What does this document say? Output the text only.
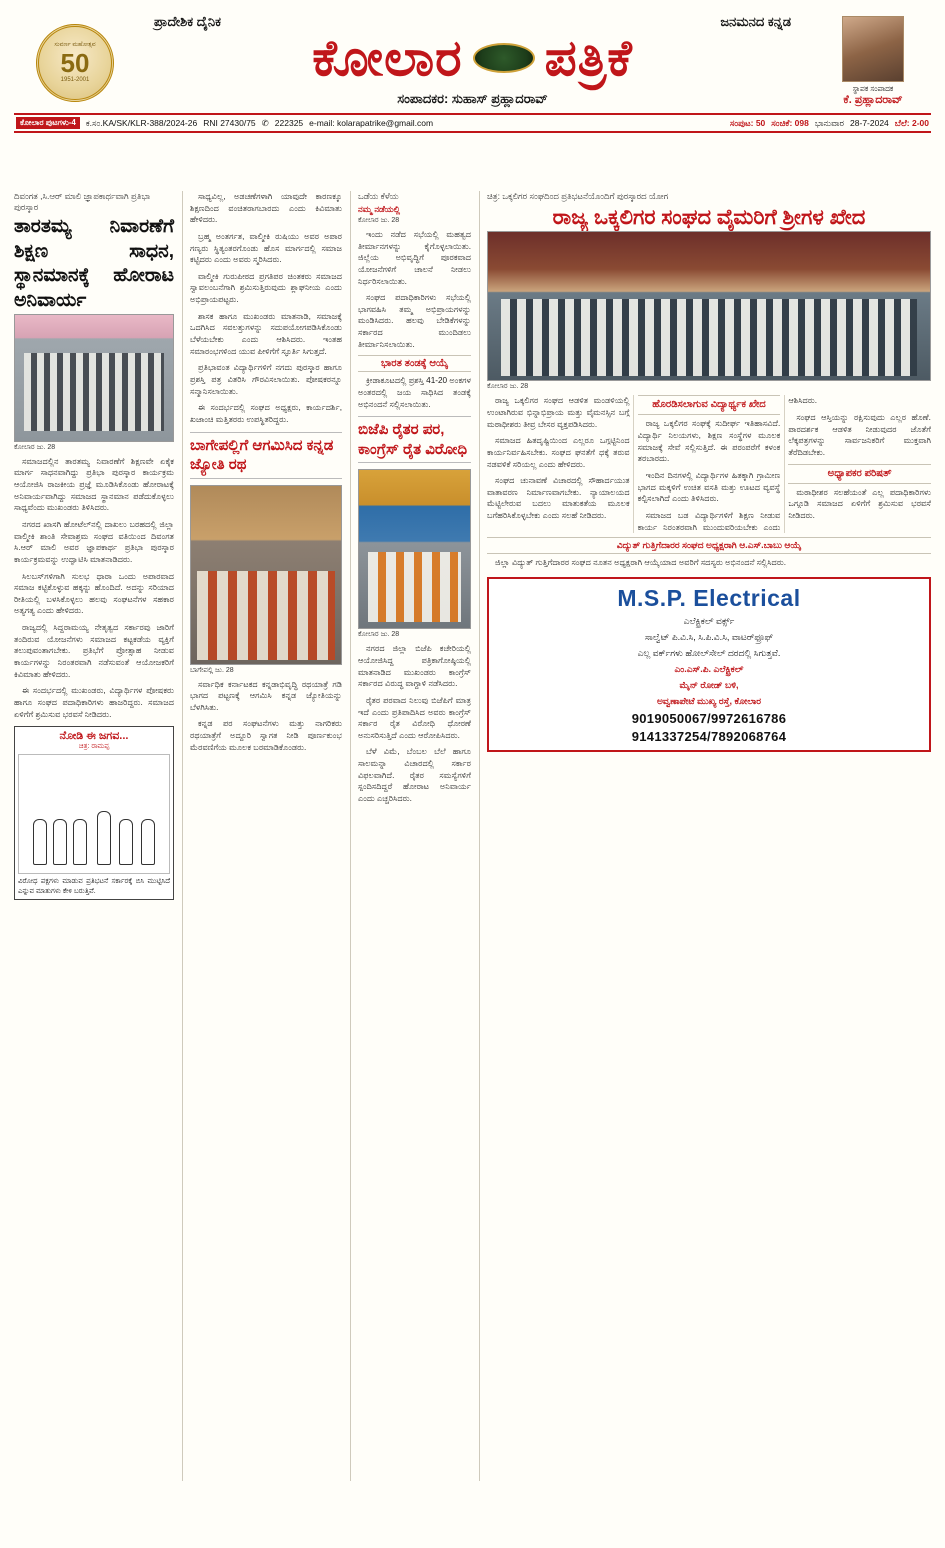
ಸುವರ್ಣ ಮಹೋತ್ಸವ
50
1951-2001
ಪ್ರಾದೇಶಿಕ ದೈನಿಕ	ಜನಮನದ ಕನ್ನಡ
ಕೋಲಾರ ಪತ್ರಿಕೆ
ಸಂಪಾದಕರ: ಸುಹಾಸ್ ಪ್ರಹ್ಲಾದರಾವ್
ಸ್ಥಾಪಕ ಸಂಪಾದಕ
ಕೆ. ಪ್ರಹ್ಲಾದರಾವ್
ಕೋಲಾರ ಪುಟಗಳು-4	ಕ.ಸಂ.KA/SK/KLR-388/2024-26 RNI 27430/75 ✆ 222325 e-mail: kolarapatrike@gmail.com	ಸಂಪುಟ: 50 ಸಂಚಿಕೆ: 098 ಭಾನುವಾರ 28-7-2024 ಬೆಲೆ: 2-00
ದಿವಂಗತ ,ಸಿ.ಆರ್ ಮಾಲಿ ಜ್ಞಾಪಕಾರ್ಥವಾಗಿ ಪ್ರತಿಭಾ ಪುರಸ್ಕಾರ
ತಾರತಮ್ಯ ನಿವಾರಣೆಗೆ ಶಿಕ್ಷಣ ಸಾಧನ, ಸ್ಥಾನಮಾನಕ್ಕೆ ಹೋರಾಟ ಅನಿವಾರ್ಯ
ಕೋಲಾರ ಜು. 28

ಸಮಾಜದಲ್ಲಿನ ತಾರತಮ್ಯ ನಿವಾರಣೆಗೆ ಶಿಕ್ಷಣವೇ ಏಕೈಕ ಮಾರ್ಗ ಸಾಧನವಾಗಿದ್ದು ಪ್ರತಿಭಾ ಪುರಸ್ಕಾರ ಕಾರ್ಯಕ್ರಮ ಆಯೋಜಿಸಿ ರಾಜಕೀಯ ಪ್ರಜ್ಞೆ ಮೂಡಿಸಿಕೊಂಡು ಹೋರಾಟಕ್ಕೆ ಅನಿವಾರ್ಯವಾಗಿದ್ದು ಸಮಾಜದ ಸ್ಥಾನಮಾನ ಪಡೆದುಕೊಳ್ಳಲು ಸಾಧ್ಯವೆಂದು ಮುಖಂಡರು ತಿಳಿಸಿದರು.

ನಗರದ ಖಾಸಗಿ ಹೋಟೆಲ್‌ನಲ್ಲಿ ದಾಖಲು ಬರಹದಲ್ಲಿ ಜಿಲ್ಲಾ ವಾಲ್ಮೀಕಿ ಶಾಂತಿ ಸೇವಾಶ್ರಮ ಸಂಘದ ವತಿಯಿಂದ ದಿವಂಗತ ಸಿ.ಆರ್ ಮಾಲಿ ಅವರ ಜ್ಞಾಪಕಾರ್ಥ ಪ್ರತಿಭಾ ಪುರಸ್ಕಾರ ಕಾರ್ಯಕ್ರಮವನ್ನು ಉದ್ಘಾಟಿಸಿ ಮಾತನಾಡಿದರು.

ಸಿಲಬಸ್‌ಗಳಿಗಾಗಿ ಸುಲಭ ಧಾರಾ ಒಂದು ಅಪಾರವಾದ ಸಮಾಜ ಕಟ್ಟಿಕೊಳ್ಳುವ ಹಕ್ಕನ್ನು ಹೊಂದಿದೆ. ಅದನ್ನು ಸರಿಯಾದ ರೀತಿಯಲ್ಲಿ ಬಳಸಿಕೊಳ್ಳಲು ಹಲವು ಸಂಘಟನೆಗಳ ಸಹಕಾರ ಅತ್ಯಗತ್ಯ ಎಂದು ಹೇಳಿದರು.

ರಾಜ್ಯದಲ್ಲಿ ಸಿದ್ದರಾಮಯ್ಯ ನೇತೃತ್ವದ ಸರ್ಕಾರವು ಜಾರಿಗೆ ತಂದಿರುವ ಯೋಜನೆಗಳು ಸಮಾಜದ ಕಟ್ಟಕಡೆಯ ವ್ಯಕ್ತಿಗೆ ತಲುಪುವಂತಾಗಬೇಕು. ಪ್ರತಿಭೆಗೆ ಪ್ರೋತ್ಸಾಹ ನೀಡುವ ಕಾರ್ಯಗಳನ್ನು ನಿರಂತರವಾಗಿ ನಡೆಸುವಂತೆ ಆಯೋಜಕರಿಗೆ ಕಿವಿಮಾತು ಹೇಳಿದರು.

ಈ ಸಂದರ್ಭದಲ್ಲಿ ಮುಖಂಡರು, ವಿದ್ಯಾರ್ಥಿಗಳ ಪೋಷಕರು ಹಾಗೂ ಸಂಘದ ಪದಾಧಿಕಾರಿಗಳು ಹಾಜರಿದ್ದರು. ಸಮಾಜದ ಏಳಿಗೆಗೆ ಶ್ರಮಿಸುವ ಭರವಸೆ ನೀಡಿದರು.

ನೋಡಿ ಈ ಜಗವ...
ಚಿತ್ರ: ರಾಮಪ್ಪ
ವಿರೋಧ ಪಕ್ಷಗಳು ಮಾಡುವ ಪ್ರತಿಭಟನೆ ಸರ್ಕಾರಕ್ಕೆ ಬಿಸಿ ಮುಟ್ಟಿಸಿದೆ ಎನ್ನುವ ಮಾತುಗಳು ಕೇಳಿ ಬರುತ್ತಿವೆ.

ಸಾಧ್ಯವಿಲ್ಲ, ಅಡಚಣೆಗಳಾಗಿ ಯಾವುದೇ ಕಾರಣಕ್ಕೂ ಶಿಕ್ಷಣದಿಂದ ವಂಚಿತರಾಗಬಾರದು ಎಂದು ಕಿವಿಮಾತು ಹೇಳಿದರು.

ಬ್ರಹ್ಮ ಅಂತರ್ಗತ, ವಾಲ್ಮೀಕಿ ರುಷಿಯು ಅವರ ಅಪಾರ ಗಣ್ಯರು ಸ್ಥಿತ್ಯಂತರಗೊಂಡು ಹೊಸ ಮಾರ್ಗದಲ್ಲಿ ಸಮಾಜ ಕಟ್ಟಿದರು ಎಂದು ಅವರು ಸ್ಮರಿಸಿದರು.

ವಾಲ್ಮೀಕಿ ಗುರುಪೀಠದ ಪ್ರಗತಿಪರ ಚಿಂತಕರು ಸಮಾಜದ ಸ್ವಾವಲಂಬನೆಗಾಗಿ ಶ್ರಮಿಸುತ್ತಿರುವುದು ಶ್ಲಾಘನೀಯ ಎಂದು ಅಭಿಪ್ರಾಯಪಟ್ಟರು.

ಶಾಸಕ ಹಾಗೂ ಮುಖಂಡರು ಮಾತನಾಡಿ, ಸಮಾಜಕ್ಕೆ ಒದಗಿಸಿದ ಸವಲತ್ತುಗಳನ್ನು ಸದುಪಯೋಗಪಡಿಸಿಕೊಂಡು ಬೆಳೆಯಬೇಕು ಎಂದು ಆಶಿಸಿದರು. ಇಂತಹ ಸಮಾರಂಭಗಳಿಂದ ಯುವ ಪೀಳಿಗೆಗೆ ಸ್ಫೂರ್ತಿ ಸಿಗುತ್ತದೆ.

ಪ್ರತಿಭಾವಂತ ವಿದ್ಯಾರ್ಥಿಗಳಿಗೆ ನಗದು ಪುರಸ್ಕಾರ ಹಾಗೂ ಪ್ರಶಸ್ತಿ ಪತ್ರ ವಿತರಿಸಿ ಗೌರವಿಸಲಾಯಿತು. ಪೋಷಕರನ್ನೂ ಸನ್ಮಾನಿಸಲಾಯಿತು.

ಈ ಸಂದರ್ಭದಲ್ಲಿ ಸಂಘದ ಅಧ್ಯಕ್ಷರು, ಕಾರ್ಯದರ್ಶಿ, ಖಜಾಂಚಿ ಮತ್ತಿತರರು ಉಪಸ್ಥಿತರಿದ್ದರು.

ಬಾಗೇಪಲ್ಲಿಗೆ ಆಗಮಿಸಿದ ಕನ್ನಡ ಜ್ಯೋತಿ ರಥ
ಬಾಗೇಪಲ್ಲಿ ಜು. 28

ಸರ್ವಾಧಿಕ ಕರ್ನಾಟಕದ ಕನ್ನಡಾಭಿವೃದ್ಧಿ ರಥಯಾತ್ರೆ ಗಡಿ ಭಾಗದ ಪಟ್ಟಣಕ್ಕೆ ಆಗಮಿಸಿ ಕನ್ನಡ ಜ್ಯೋತಿಯನ್ನು ಬೆಳಗಿಸಿತು.

ಕನ್ನಡ ಪರ ಸಂಘಟನೆಗಳು ಮತ್ತು ನಾಗರಿಕರು ರಥಯಾತ್ರೆಗೆ ಅದ್ದೂರಿ ಸ್ವಾಗತ ನೀಡಿ ಪೂರ್ಣಕುಂಭ ಮೆರವಣಿಗೆಯ ಮೂಲಕ ಬರಮಾಡಿಕೊಂಡರು.

ಒಡೆಯ ಕೆಳೆಯ
ನಮ್ಮ ನಡೆಯಲ್ಲಿ
ಕೋಲಾರ ಜು. 28

ಇಂದು ನಡೆದ ಸಭೆಯಲ್ಲಿ ಮಹತ್ವದ ತೀರ್ಮಾನಗಳನ್ನು ಕೈಗೊಳ್ಳಲಾಯಿತು. ಜಿಲ್ಲೆಯ ಅಭಿವೃದ್ಧಿಗೆ ಪೂರಕವಾದ ಯೋಜನೆಗಳಿಗೆ ಚಾಲನೆ ನೀಡಲು ನಿರ್ಧರಿಸಲಾಯಿತು.

ಸಂಘದ ಪದಾಧಿಕಾರಿಗಳು ಸಭೆಯಲ್ಲಿ ಭಾಗವಹಿಸಿ ತಮ್ಮ ಅಭಿಪ್ರಾಯಗಳನ್ನು ಮಂಡಿಸಿದರು. ಹಲವು ಬೇಡಿಕೆಗಳನ್ನು ಸರ್ಕಾರದ ಮುಂದಿಡಲು ತೀರ್ಮಾನಿಸಲಾಯಿತು.

ಭಾರತ ತಂಡಕ್ಕೆ ಆಯ್ಕೆ

ಕ್ರೀಡಾಕೂಟದಲ್ಲಿ ಪ್ರಶಸ್ತಿ 41-20 ಅಂಕಗಳ ಅಂತರದಲ್ಲಿ ಜಯ ಸಾಧಿಸಿದ ತಂಡಕ್ಕೆ ಅಭಿನಂದನೆ ಸಲ್ಲಿಸಲಾಯಿತು.

ಬಿಜೆಪಿ ರೈತರ ಪರ, ಕಾಂಗ್ರೆಸ್ ರೈತ ವಿರೋಧಿ
ಕೋಲಾರ ಜು. 28

ನಗರದ ಜಿಲ್ಲಾ ಬಿಜೆಪಿ ಕಚೇರಿಯಲ್ಲಿ ಆಯೋಜಿಸಿದ್ದ ಪತ್ರಿಕಾಗೋಷ್ಠಿಯಲ್ಲಿ ಮಾತನಾಡಿದ ಮುಖಂಡರು ಕಾಂಗ್ರೆಸ್ ಸರ್ಕಾರದ ವಿರುದ್ಧ ವಾಗ್ದಾಳಿ ನಡೆಸಿದರು.

ರೈತರ ಪರವಾದ ನಿಲುವು ಬಿಜೆಪಿಗೆ ಮಾತ್ರ ಇದೆ ಎಂದು ಪ್ರತಿಪಾದಿಸಿದ ಅವರು ಕಾಂಗ್ರೆಸ್ ಸರ್ಕಾರ ರೈತ ವಿರೋಧಿ ಧೋರಣೆ ಅನುಸರಿಸುತ್ತಿದೆ ಎಂದು ಆರೋಪಿಸಿದರು.

ಬೆಳೆ ವಿಮೆ, ಬೆಂಬಲ ಬೆಲೆ ಹಾಗೂ ಸಾಲಮನ್ನಾ ವಿಚಾರದಲ್ಲಿ ಸರ್ಕಾರ ವಿಫಲವಾಗಿದೆ. ರೈತರ ಸಮಸ್ಯೆಗಳಿಗೆ ಸ್ಪಂದಿಸದಿದ್ದರೆ ಹೋರಾಟ ಅನಿವಾರ್ಯ ಎಂದು ಎಚ್ಚರಿಸಿದರು.

ಚಿತ್ರ: ಒಕ್ಕಲಿಗರ ಸಂಘದಿಂದ ಪ್ರತಿಭಟನೆಯೊಂದಿಗೆ ಪುರಸ್ಕಾರದ ಯೋಗ
ರಾಜ್ಯ ಒಕ್ಕಲಿಗರ ಸಂಘದ ವೈಮರಿಗೆ ಶ್ರೀಗಳ ಖೇದ
ಕೋಲಾರ ಜು. 28

ರಾಜ್ಯ ಒಕ್ಕಲಿಗರ ಸಂಘದ ಆಡಳಿತ ಮಂಡಳಿಯಲ್ಲಿ ಉಂಟಾಗಿರುವ ಭಿನ್ನಾಭಿಪ್ರಾಯ ಮತ್ತು ವೈಮನಸ್ಸಿನ ಬಗ್ಗೆ ಮಠಾಧೀಶರು ತೀವ್ರ ಬೇಸರ ವ್ಯಕ್ತಪಡಿಸಿದರು.

ಸಮಾಜದ ಹಿತದೃಷ್ಟಿಯಿಂದ ಎಲ್ಲರೂ ಒಗ್ಗಟ್ಟಿನಿಂದ ಕಾರ್ಯನಿರ್ವಹಿಸಬೇಕು. ಸಂಘದ ಘನತೆಗೆ ಧಕ್ಕೆ ತರುವ ನಡವಳಿಕೆ ಸರಿಯಲ್ಲ ಎಂದು ಹೇಳಿದರು.

ಸಂಘದ ಚುನಾವಣೆ ವಿಚಾರದಲ್ಲಿ ಸೌಹಾರ್ದಯುತ ವಾತಾವರಣ ನಿರ್ಮಾಣವಾಗಬೇಕು. ನ್ಯಾಯಾಲಯದ ಮೆಟ್ಟಿಲೇರುವ ಬದಲು ಮಾತುಕತೆಯ ಮೂಲಕ ಬಗೆಹರಿಸಿಕೊಳ್ಳಬೇಕು ಎಂದು ಸಲಹೆ ನೀಡಿದರು.

ಹೊರಡಿಸಲಾಗುವ ವಿದ್ಯಾರ್ಥ್ಯಕ ಖೇದ

ರಾಜ್ಯ ಒಕ್ಕಲಿಗರ ಸಂಘಕ್ಕೆ ಸುದೀರ್ಘ ಇತಿಹಾಸವಿದೆ. ವಿದ್ಯಾರ್ಥಿ ನಿಲಯಗಳು, ಶಿಕ್ಷಣ ಸಂಸ್ಥೆಗಳ ಮೂಲಕ ಸಮಾಜಕ್ಕೆ ಸೇವೆ ಸಲ್ಲಿಸುತ್ತಿದೆ. ಈ ಪರಂಪರೆಗೆ ಕಳಂಕ ತರಬಾರದು.

ಇಂದಿನ ದಿನಗಳಲ್ಲಿ ವಿದ್ಯಾರ್ಥಿಗಳ ಹಿತಕ್ಕಾಗಿ ಗ್ರಾಮೀಣ ಭಾಗದ ಮಕ್ಕಳಿಗೆ ಉಚಿತ ವಸತಿ ಮತ್ತು ಊಟದ ವ್ಯವಸ್ಥೆ ಕಲ್ಪಿಸಲಾಗಿದೆ ಎಂದು ತಿಳಿಸಿದರು.

ಸಮಾಜದ ಬಡ ವಿದ್ಯಾರ್ಥಿಗಳಿಗೆ ಶಿಕ್ಷಣ ನೀಡುವ ಕಾರ್ಯ ನಿರಂತರವಾಗಿ ಮುಂದುವರಿಯಬೇಕು ಎಂದು ಆಶಿಸಿದರು.

ಸಂಘದ ಆಸ್ತಿಯನ್ನು ರಕ್ಷಿಸುವುದು ಎಲ್ಲರ ಹೊಣೆ. ಪಾರದರ್ಶಕ ಆಡಳಿತ ನೀಡುವುದರ ಜೊತೆಗೆ ಲೆಕ್ಕಪತ್ರಗಳನ್ನು ಸಾರ್ವಜನಿಕರಿಗೆ ಮುಕ್ತವಾಗಿ ತೆರೆದಿಡಬೇಕು.

ಅಧ್ಯಾಪಕರ ಪರಿಷತ್

ಮಠಾಧೀಶರ ಸಲಹೆಯಂತೆ ಎಲ್ಲ ಪದಾಧಿಕಾರಿಗಳು ಒಗ್ಗೂಡಿ ಸಮಾಜದ ಏಳಿಗೆಗೆ ಶ್ರಮಿಸುವ ಭರವಸೆ ನೀಡಿದರು.

ವಿದ್ಯುತ್ ಗುತ್ತಿಗೆದಾರರ ಸಂಘದ ಅಧ್ಯಕ್ಷರಾಗಿ ಆ.ಎಸ್.ಬಾಬು ಆಯ್ಕೆ

ಜಿಲ್ಲಾ ವಿದ್ಯುತ್ ಗುತ್ತಿಗೆದಾರರ ಸಂಘದ ನೂತನ ಅಧ್ಯಕ್ಷರಾಗಿ ಆಯ್ಕೆಯಾದ ಅವರಿಗೆ ಸದಸ್ಯರು ಅಭಿನಂದನೆ ಸಲ್ಲಿಸಿದರು.

M.S.P. Electrical
ಎಲೆಕ್ಟ್ರಿಕಲ್ ವರ್ಕ್ಸ್
ಸಾಲ್ವೆಟ್ ಪಿ.ವಿ.ಸಿ, ಸಿ.ಪಿ.ವಿ.ಸಿ, ವಾಟರ್‌ಫ್ರೂಫ್
ಎಲ್ಲ ವರ್ಕ್‌ಗಳು ಹೋಲ್‌ಸೇಲ್ ದರದಲ್ಲಿ ಸಿಗುತ್ತವೆ.
ಎಂ.ಎಸ್.ಪಿ. ಎಲೆಕ್ಟ್ರಿಕಲ್
ಮೈನ್ ರೋಡ್ ಬಳಿ,
ಅವ್ವಣಾಪೇಟೆ ಮುಖ್ಯ ರಸ್ತೆ, ಕೋಲಾರ
9019050067/9972616786
9141337254/7892068764
